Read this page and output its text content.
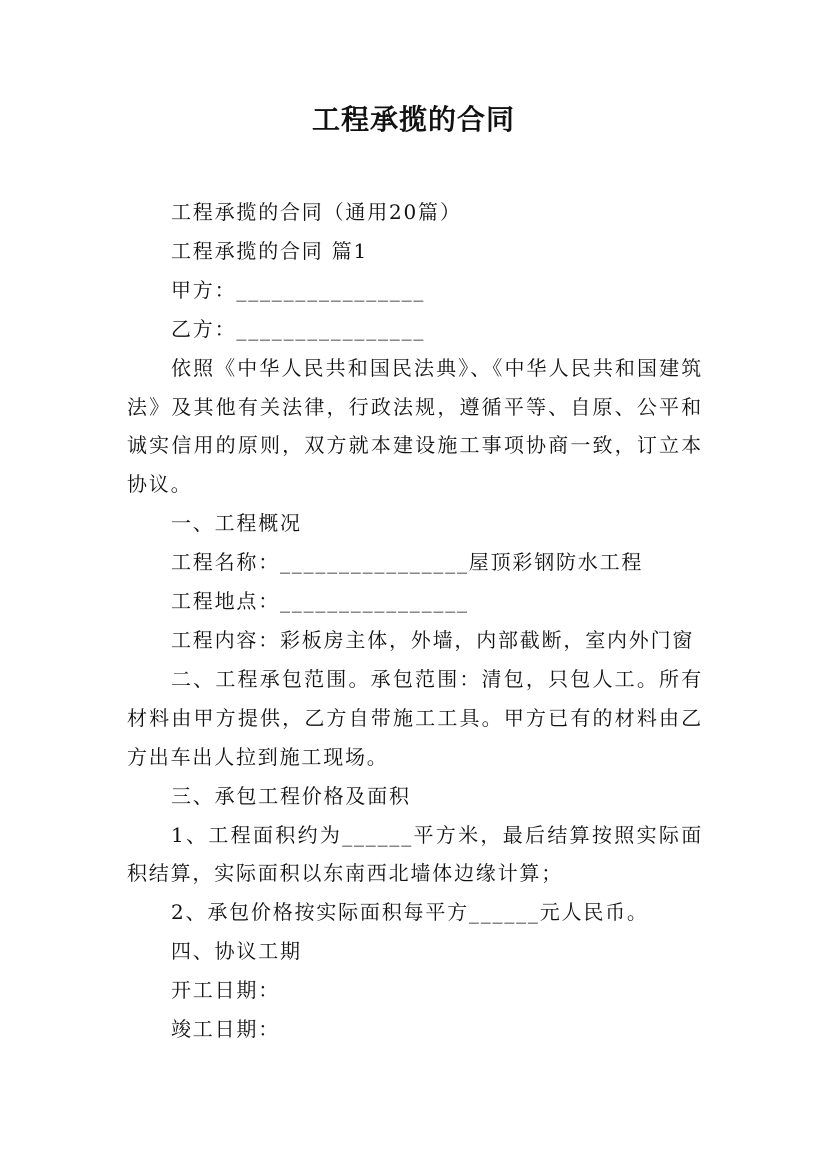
工程承揽的合同

工程承揽的合同（通用20篇）

工程承揽的合同 篇1

甲方：________________

乙方：________________

依照《中华人民共和国民法典》、《中华人民共和国建筑法》及其他有关法律，行政法规，遵循平等、自原、公平和诚实信用的原则，双方就本建设施工事项协商一致，订立本协议。

一、工程概况

工程名称：________________屋顶彩钢防水工程

工程地点：________________

工程内容：彩板房主体，外墙，内部截断，室内外门窗

二、工程承包范围。承包范围：清包，只包人工。所有材料由甲方提供，乙方自带施工工具。甲方已有的材料由乙方出车出人拉到施工现场。

三、承包工程价格及面积

1、工程面积约为______平方米，最后结算按照实际面积结算，实际面积以东南西北墙体边缘计算；

2、承包价格按实际面积每平方______元人民币。

四、协议工期

开工日期：

竣工日期：
